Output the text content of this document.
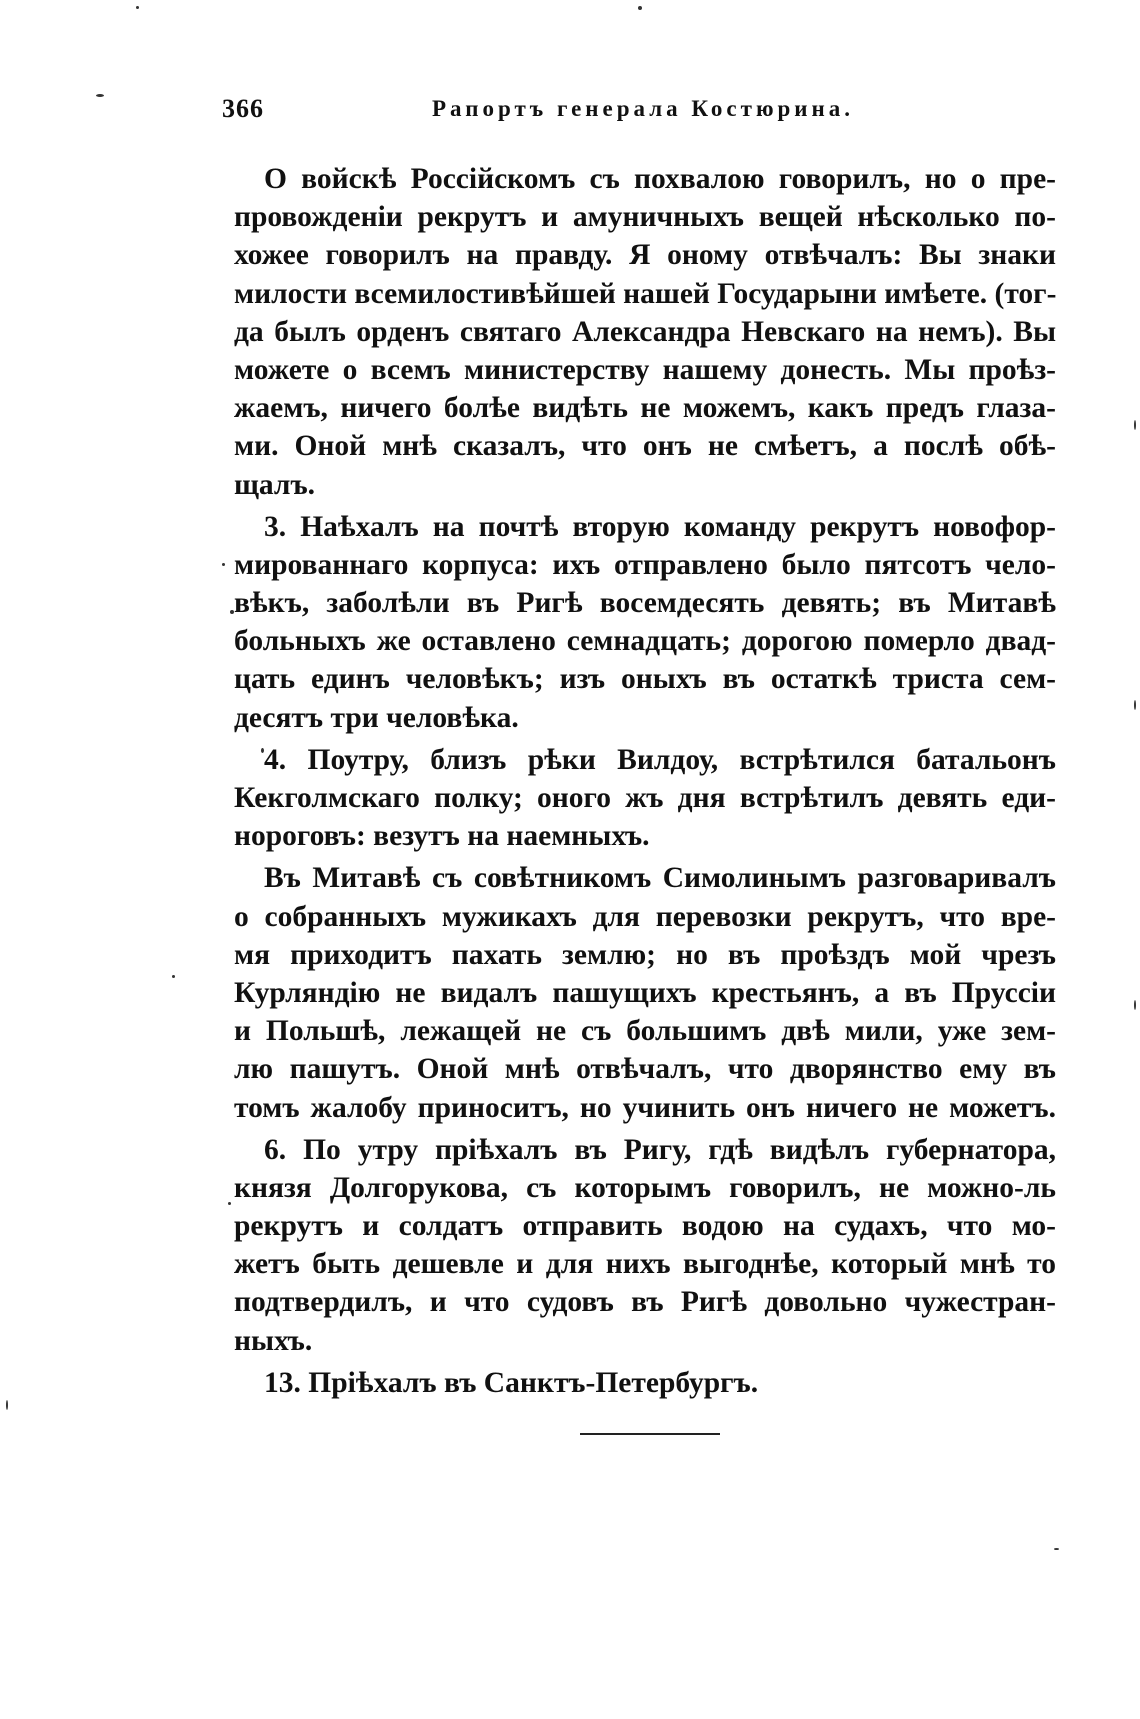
366	Рапортъ генерала Костюрина.
О войскѣ Россійскомъ съ похвалою говорилъ, но о пре-
провожденіи рекрутъ и амуничныхъ вещей нѣсколько по-
хожее говорилъ на правду. Я оному отвѣчалъ: Вы знаки
милости всемилостивѣйшей нашей Государыни имѣете. (тог-
да былъ орденъ святаго Александра Невскаго на немъ). Вы
можете о всемъ министерству нашему донесть. Мы проѣз-
жаемъ, ничего болѣе видѣть не можемъ, какъ предъ глаза-
ми. Оной мнѣ сказалъ, что онъ не смѣетъ, а послѣ обѣ-
щалъ.
3. Наѣхалъ на почтѣ вторую команду рекрутъ новофор-
мированнаго корпуса: ихъ отправлено было пятсотъ чело-
вѣкъ, заболѣли въ Ригѣ восемдесять девять; въ Митавѣ
больныхъ же оставлено семнадцать; дорогою померло двад-
цать единъ человѣкъ; изъ оныхъ въ остаткѣ триста сем-
десятъ три человѣка.
4. Поутру, близъ рѣки Вилдоу, встрѣтился батальонъ
Кекголмскаго полку; оного жъ дня встрѣтилъ девять еди-
нороговъ: везутъ на наемныхъ.
Въ Митавѣ съ совѣтникомъ Симолинымъ разговаривалъ
о собранныхъ мужикахъ для перевозки рекрутъ, что вре-
мя приходитъ пахать землю; но въ проѣздъ мой чрезъ
Курляндію не видалъ пашущихъ крестьянъ, а въ Пруссіи
и Польшѣ, лежащей не съ большимъ двѣ мили, уже зем-
лю пашутъ. Оной мнѣ отвѣчалъ, что дворянство ему въ
томъ жалобу приноситъ, но учинить онъ ничего не можетъ.
6. По утру пріѣхалъ въ Ригу, гдѣ видѣлъ губернатора,
князя Долгорукова, съ которымъ говорилъ, не можно-ль
рекрутъ и солдатъ отправить водою на судахъ, что мо-
жетъ быть дешевле и для нихъ выгоднѣе, который мнѣ то
подтвердилъ, и что судовъ въ Ригѣ довольно чужестран-
ныхъ.
13. Пріѣхалъ въ Санктъ-Петербургъ.
